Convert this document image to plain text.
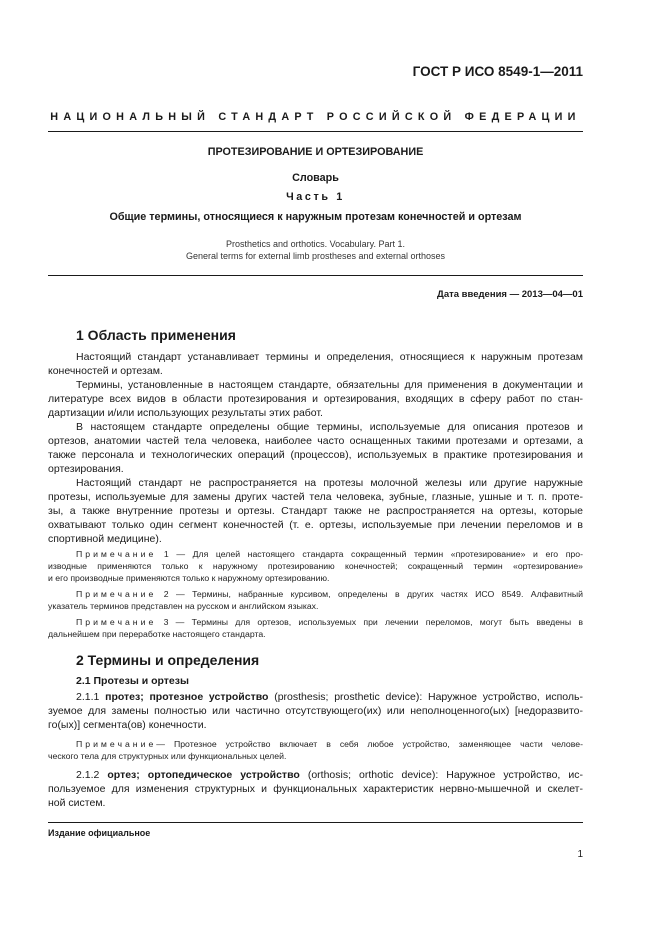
ГОСТ Р ИСО 8549-1—2011
НАЦИОНАЛЬНЫЙ СТАНДАРТ РОССИЙСКОЙ ФЕДЕРАЦИИ
ПРОТЕЗИРОВАНИЕ И ОРТЕЗИРОВАНИЕ
Словарь
Часть 1
Общие термины, относящиеся к наружным протезам конечностей и ортезам
Prosthetics and orthotics. Vocabulary. Part 1.
General terms for external limb prostheses and external orthoses
Дата введения — 2013—04—01
1 Область применения
Настоящий стандарт устанавливает термины и определения, относящиеся к наружным протезам
конечностей и ортезам.
Термины, установленные в настоящем стандарте, обязательны для применения в документации и
литературе всех видов в области протезирования и ортезирования, входящих в сферу работ по стан-
дартизации и/или использующих результаты этих работ.
В настоящем стандарте определены общие термины, используемые для описания протезов и
ортезов, анатомии частей тела человека, наиболее часто оснащенных такими протезами и ортезами, а
также персонала и технологических операций (процессов), используемых в практике протезирования и
ортезирования.
Настоящий стандарт не распространяется на протезы молочной железы или другие наружные
протезы, используемые для замены других частей тела человека, зубные, глазные, ушные и т. п. проте-
зы, а также внутренние протезы и ортезы. Стандарт также не распространяется на ортезы, которые
охватывают только один сегмент конечностей (т. е. ортезы, используемые при лечении переломов и в
спортивной медицине).
Примечание 1 — Для целей настоящего стандарта сокращенный термин «протезирование» и его про-
изводные применяются только к наружному протезированию конечностей; сокращенный термин «ортезирование»
и его производные применяются только к наружному ортезированию.
Примечание 2 — Термины, набранные курсивом, определены в других частях ИСО 8549. Алфавитный
указатель терминов представлен на русском и английском языках.
Примечание 3 — Термины для ортезов, используемых при лечении переломов, могут быть введены в
дальнейшем при переработке настоящего стандарта.
2 Термины и определения
2.1 Протезы и ортезы
2.1.1 протез; протезное устройство (prosthesis; prosthetic device): Наружное устройство, исполь-
зуемое для замены полностью или частично отсутствующего(их) или неполноценного(ых) [недоразвито-
го(ых)] сегмента(ов) конечности.
Примечание— Протезное устройство включает в себя любое устройство, заменяющее части челове-
ческого тела для структурных или функциональных целей.
2.1.2 ортез; ортопедическое устройство (orthosis; orthotic device): Наружное устройство, ис-
пользуемое для изменения структурных и функциональных характеристик нервно-мышечной и скелет-
ной систем.
Издание официальное
1
